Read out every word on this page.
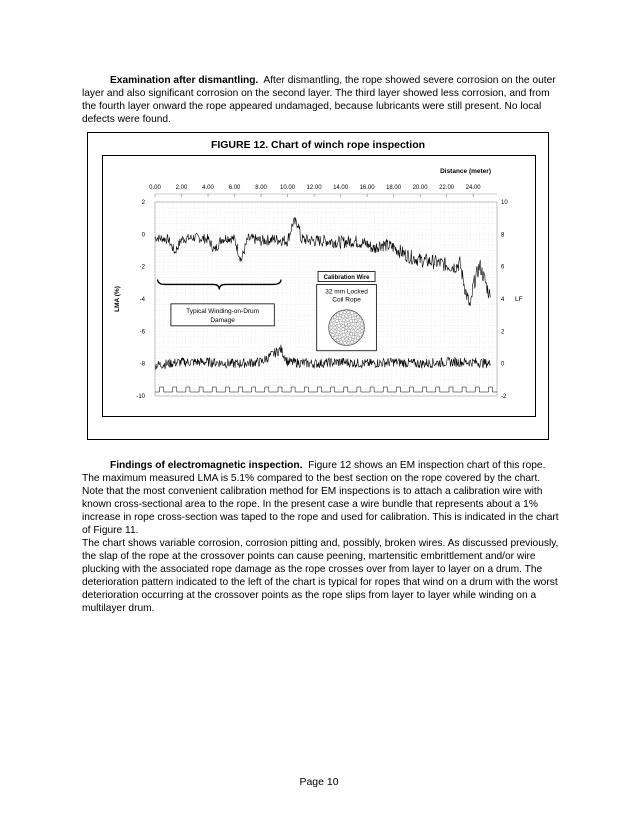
Examination after dismantling. After dismantling, the rope showed severe corrosion on the outer layer and also significant corrosion on the second layer. The third layer showed less corrosion, and from the fourth layer onward the rope appeared undamaged, because lubricants were still present. No local defects were found.

FIGURE 12. Chart of winch rope inspection
Distance (meter)
0.00 2.00 4.00 6.00 8.00 10.00 12.00 14.00 16.00 18.00 20.00 22.00 24.00
2
0
-2
-4
-6
-8
-10
LMA (%)
10
8
6
4
2
0
-2
Typical Winding-on-Drum
Damage
Calibration Wire
32 mm Locked
Coil Rope	LF

Findings of electromagnetic inspection. Figure 12 shows an EM inspection chart of this rope. The maximum measured LMA is 5.1% compared to the best section on the rope covered by the chart. Note that the most convenient calibration method for EM inspections is to attach a calibration wire with known cross-sectional area to the rope. In the present case a wire bundle that represents about a 1% increase in rope cross-section was taped to the rope and used for calibration. This is indicated in the chart of Figure 11.

The chart shows variable corrosion, corrosion pitting and, possibly, broken wires. As discussed previously, the slap of the rope at the crossover points can cause peening, martensitic embrittlement and/or wire plucking with the associated rope damage as the rope crosses over from layer to layer on a drum. The deterioration pattern indicated to the left of the chart is typical for ropes that wind on a drum with the worst deterioration occurring at the crossover points as the rope slips from layer to layer while winding on a multilayer drum.

Page 10
